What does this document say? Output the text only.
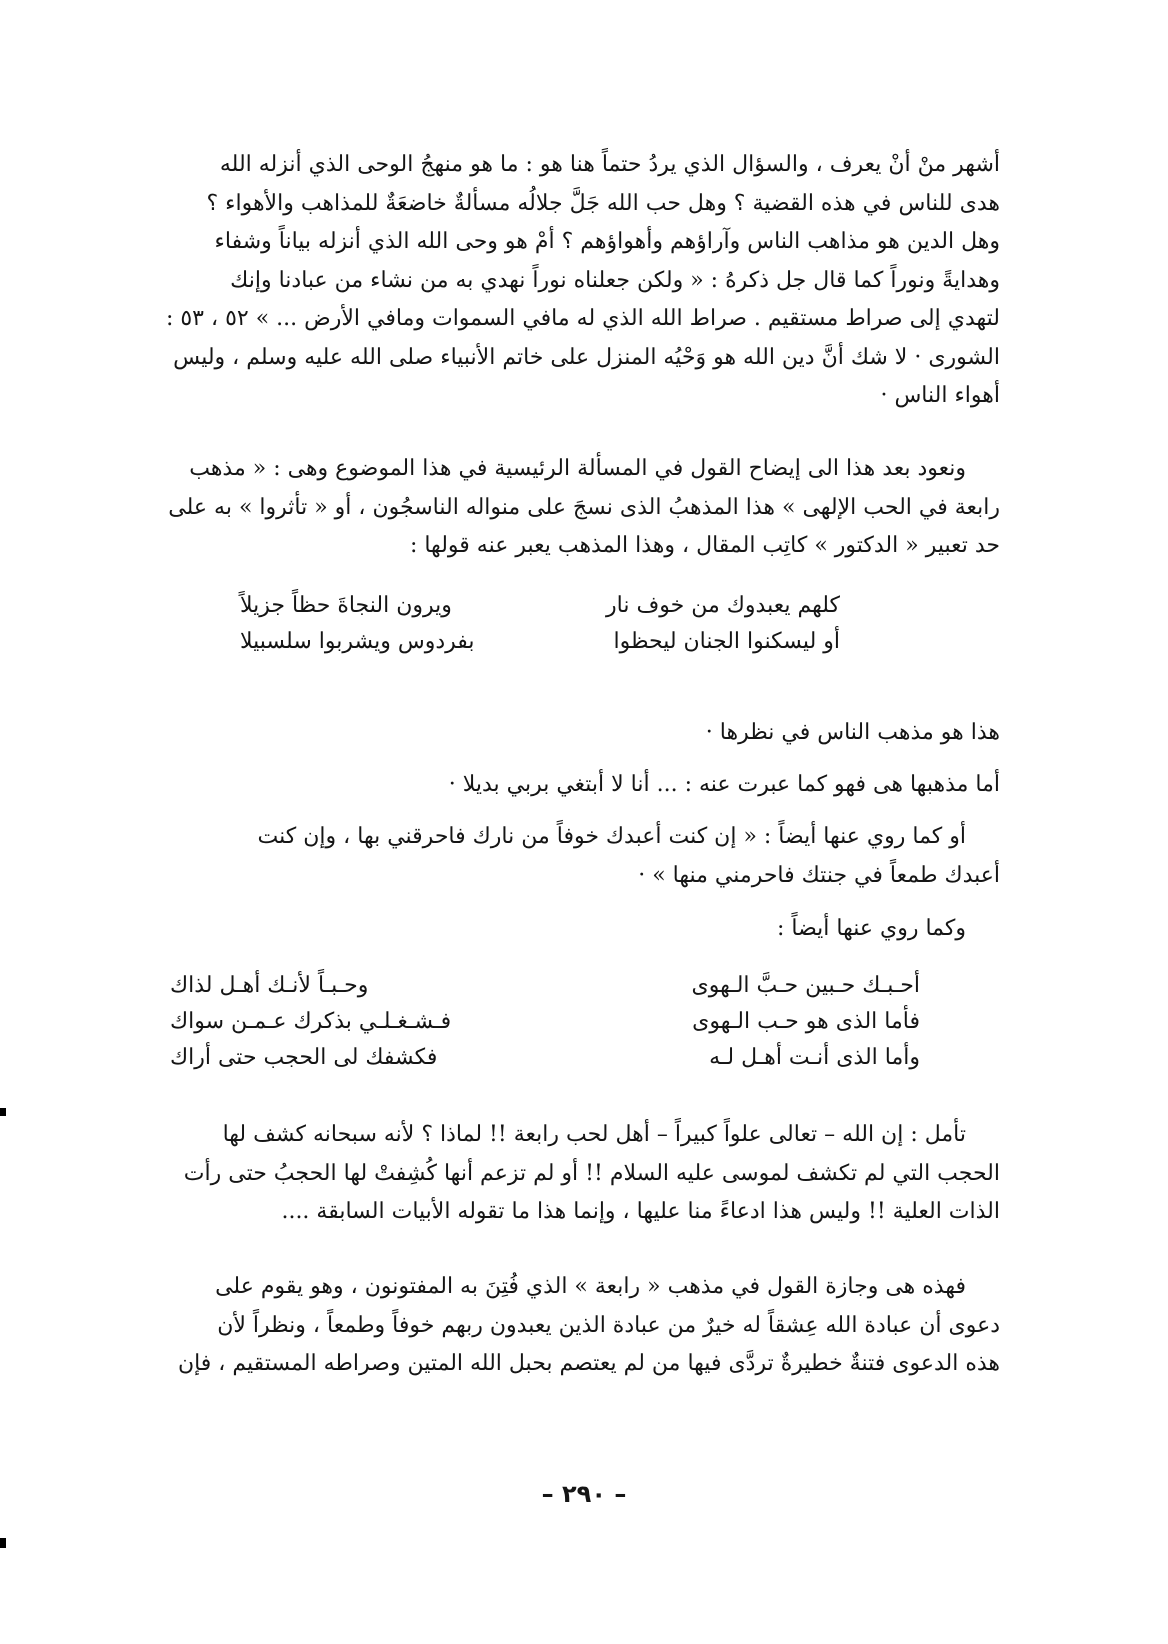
أشهر منْ أنْ يعرف ، والسؤال الذي يردُ حتماً هنا هو : ما هو منهجُ الوحى الذي أنزله الله
هدى للناس في هذه القضية ؟ وهل حب الله جَلَّ جلالُه مسألةٌ خاضعَةٌ للمذاهب والأهواء ؟
وهل الدين هو مذاهب الناس وآراؤهم وأهواؤهم ؟ أمْ هو وحى الله الذي أنزله بياناً وشفاء
وهدايةً ونوراً كما قال جل ذكرهُ : « ولكن جعلناه نوراً نهدي به من نشاء من عبادنا وإنك
لتهدي إلى صراط مستقيم . صراط الله الذي له مافي السموات ومافي الأرض ... » ٥٢ ، ٥٣ :
الشورى · لا شك أنَّ دين الله هو وَحْيُه المنزل على خاتم الأنبياء صلى الله عليه وسلم ، وليس
أهواء الناس ·

ونعود بعد هذا الى إيضاح القول في المسألة الرئيسية في هذا الموضوع وهى : « مذهب
رابعة في الحب الإلهى » هذا المذهبُ الذى نسجَ على منواله الناسجُون ، أو « تأثروا » به على
حد تعبير « الدكتور » كاتِب المقال ، وهذا المذهب يعبر عنه قولها :

كلهم يعبدوك من خوف نار
ويرون النجاةَ حظاً جزيلاً
أو ليسكنوا الجنان ليحظوا
بفردوس ويشربوا سلسبيلا

هذا هو مذهب الناس في نظرها ·

أما مذهبها هى فهو كما عبرت عنه : ... أنا لا أبتغي بربي بديلا ·

أو كما روي عنها أيضاً : « إن كنت أعبدك خوفاً من نارك فاحرقني بها ، وإن كنت
أعبدك طمعاً في جنتك فاحرمني منها » ·

وكما روي عنها أيضاً :

أحـبـك حـبين حـبَّ الـهوى
وحـبـاً لأنـك أهـل لذاك
فأما الذى هو حـب الـهوى
فـشـغـلـي بذكرك عـمـن سواك
وأما الذى أنـت أهـل لـه
فكشفك لى الحجب حتى أراك

تأمل : إن الله – تعالى علواً كبيراً – أهل لحب رابعة !! لماذا ؟ لأنه سبحانه كشف لها
الحجب التي لم تكشف لموسى عليه السلام !! أو لم تزعم أنها كُشِفتْ لها الحجبُ حتى رأت
الذات العلية !! وليس هذا ادعاءً منا عليها ، وإنما هذا ما تقوله الأبيات السابقة ....

فهذه هى وجازة القول في مذهب « رابعة » الذي فُتِنَ به المفتونون ، وهو يقوم على
دعوى أن عبادة الله عِشقاً له خيرٌ من عبادة الذين يعبدون ربهم خوفاً وطمعاً ، ونظراً لأن
هذه الدعوى فتنةٌ خطيرةٌ تردَّى فيها من لم يعتصم بحبل الله المتين وصراطه المستقيم ، فإن

– ٢٩٠ –
